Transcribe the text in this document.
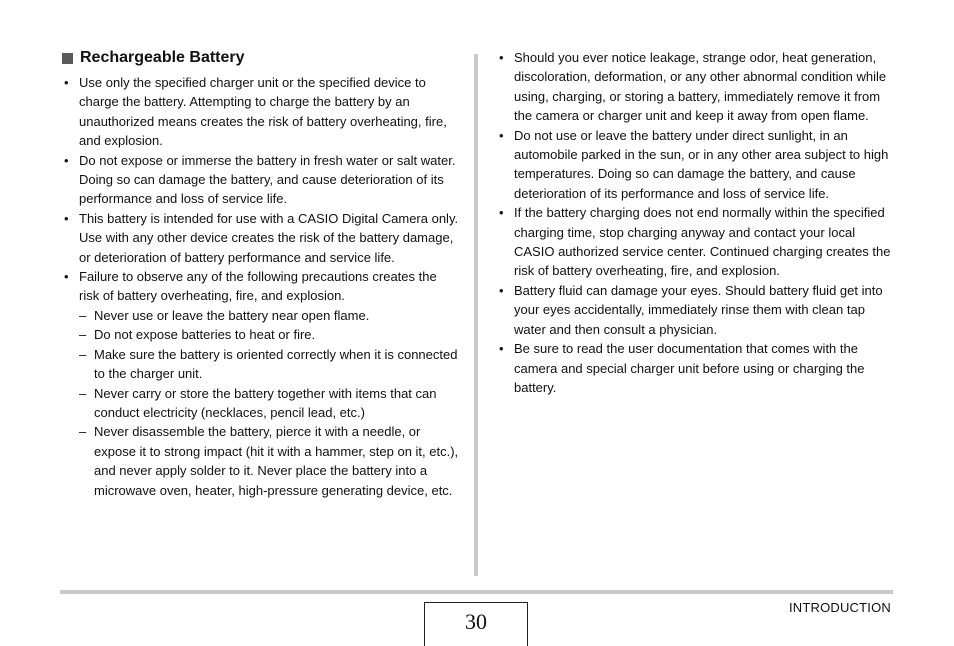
Rechargeable Battery
• Use only the specified charger unit or the specified device to charge the battery. Attempting to charge the battery by an unauthorized means creates the risk of battery overheating, fire, and explosion.
• Do not expose or immerse the battery in fresh water or salt water. Doing so can damage the battery, and cause deterioration of its performance and loss of service life.
• This battery is intended for use with a CASIO Digital Camera only. Use with any other device creates the risk of the battery damage, or deterioration of battery performance and service life.
• Failure to observe any of the following precautions creates the risk of battery overheating, fire, and explosion.
– Never use or leave the battery near open flame.
– Do not expose batteries to heat or fire.
– Make sure the battery is oriented correctly when it is connected to the charger unit.
– Never carry or store the battery together with items that can conduct electricity (necklaces, pencil lead, etc.)
– Never disassemble the battery, pierce it with a needle, or expose it to strong impact (hit it with a hammer, step on it, etc.), and never apply solder to it. Never place the battery into a microwave oven, heater, high-pressure generating device, etc.
• Should you ever notice leakage, strange odor, heat generation, discoloration, deformation, or any other abnormal condition while using, charging, or storing a battery, immediately remove it from the camera or charger unit and keep it away from open flame.
• Do not use or leave the battery under direct sunlight, in an automobile parked in the sun, or in any other area subject to high temperatures. Doing so can damage the battery, and cause deterioration of its performance and loss of service life.
• If the battery charging does not end normally within the specified charging time, stop charging anyway and contact your local CASIO authorized service center. Continued charging creates the risk of battery overheating, fire, and explosion.
• Battery fluid can damage your eyes. Should battery fluid get into your eyes accidentally, immediately rinse them with clean tap water and then consult a physician.
• Be sure to read the user documentation that comes with the camera and special charger unit before using or charging the battery.
30
INTRODUCTION
